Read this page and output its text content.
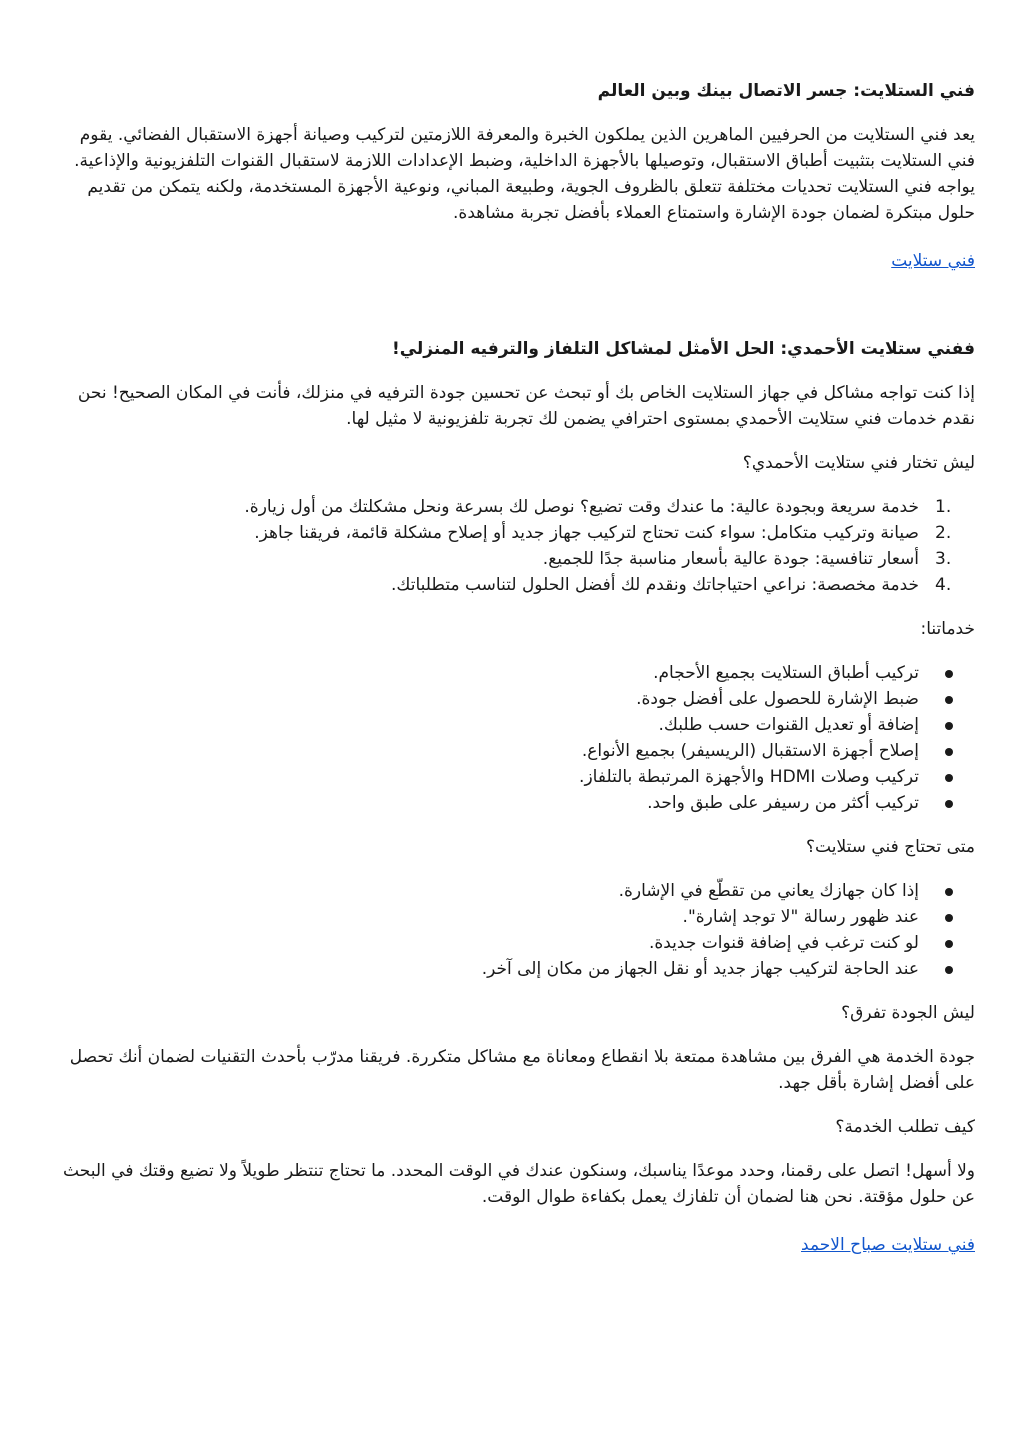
فني الستلايت: جسر الاتصال بينك وبين العالم

يعد فني الستلايت من الحرفيين الماهرين الذين يملكون الخبرة والمعرفة اللازمتين لتركيب وصيانة أجهزة الاستقبال الفضائي. يقوم فني الستلايت بتثبيت أطباق الاستقبال، وتوصيلها بالأجهزة الداخلية، وضبط الإعدادات اللازمة لاستقبال القنوات التلفزيونية والإذاعية. يواجه فني الستلايت تحديات مختلفة تتعلق بالظروف الجوية، وطبيعة المباني، ونوعية الأجهزة المستخدمة، ولكنه يتمكن من تقديم حلول مبتكرة لضمان جودة الإشارة واستمتاع العملاء بأفضل تجربة مشاهدة.

فني ستلايت
ففني ستلايت الأحمدي: الحل الأمثل لمشاكل التلفاز والترفيه المنزلي!

إذا كنت تواجه مشاكل في جهاز الستلايت الخاص بك أو تبحث عن تحسين جودة الترفيه في منزلك، فأنت في المكان الصحيح! نحن نقدم خدمات فني ستلايت الأحمدي بمستوى احترافي يضمن لك تجربة تلفزيونية لا مثيل لها.

ليش تختار فني ستلايت الأحمدي؟

خدمة سريعة وبجودة عالية: ما عندك وقت تضيع؟ نوصل لك بسرعة ونحل مشكلتك من أول زيارة.
صيانة وتركيب متكامل: سواء كنت تحتاج لتركيب جهاز جديد أو إصلاح مشكلة قائمة، فريقنا جاهز.
أسعار تنافسية: جودة عالية بأسعار مناسبة جدًا للجميع.
خدمة مخصصة: نراعي احتياجاتك ونقدم لك أفضل الحلول لتناسب متطلباتك.

خدماتنا:

تركيب أطباق الستلايت بجميع الأحجام.
ضبط الإشارة للحصول على أفضل جودة.
إضافة أو تعديل القنوات حسب طلبك.
إصلاح أجهزة الاستقبال (الريسيفر) بجميع الأنواع.
تركيب وصلات HDMI والأجهزة المرتبطة بالتلفاز.
تركيب أكثر من رسيفر على طبق واحد.

متى تحتاج فني ستلايت؟

إذا كان جهازك يعاني من تقطّع في الإشارة.
عند ظهور رسالة "لا توجد إشارة".
لو كنت ترغب في إضافة قنوات جديدة.
عند الحاجة لتركيب جهاز جديد أو نقل الجهاز من مكان إلى آخر.

ليش الجودة تفرق؟

جودة الخدمة هي الفرق بين مشاهدة ممتعة بلا انقطاع ومعاناة مع مشاكل متكررة. فريقنا مدرّب بأحدث التقنيات لضمان أنك تحصل على أفضل إشارة بأقل جهد.

كيف تطلب الخدمة؟

ولا أسهل! اتصل على رقمنا، وحدد موعدًا يناسبك، وسنكون عندك في الوقت المحدد. ما تحتاج تنتظر طويلاً ولا تضيع وقتك في البحث عن حلول مؤقتة. نحن هنا لضمان أن تلفازك يعمل بكفاءة طوال الوقت.

فني ستلايت صباح الاحمد
